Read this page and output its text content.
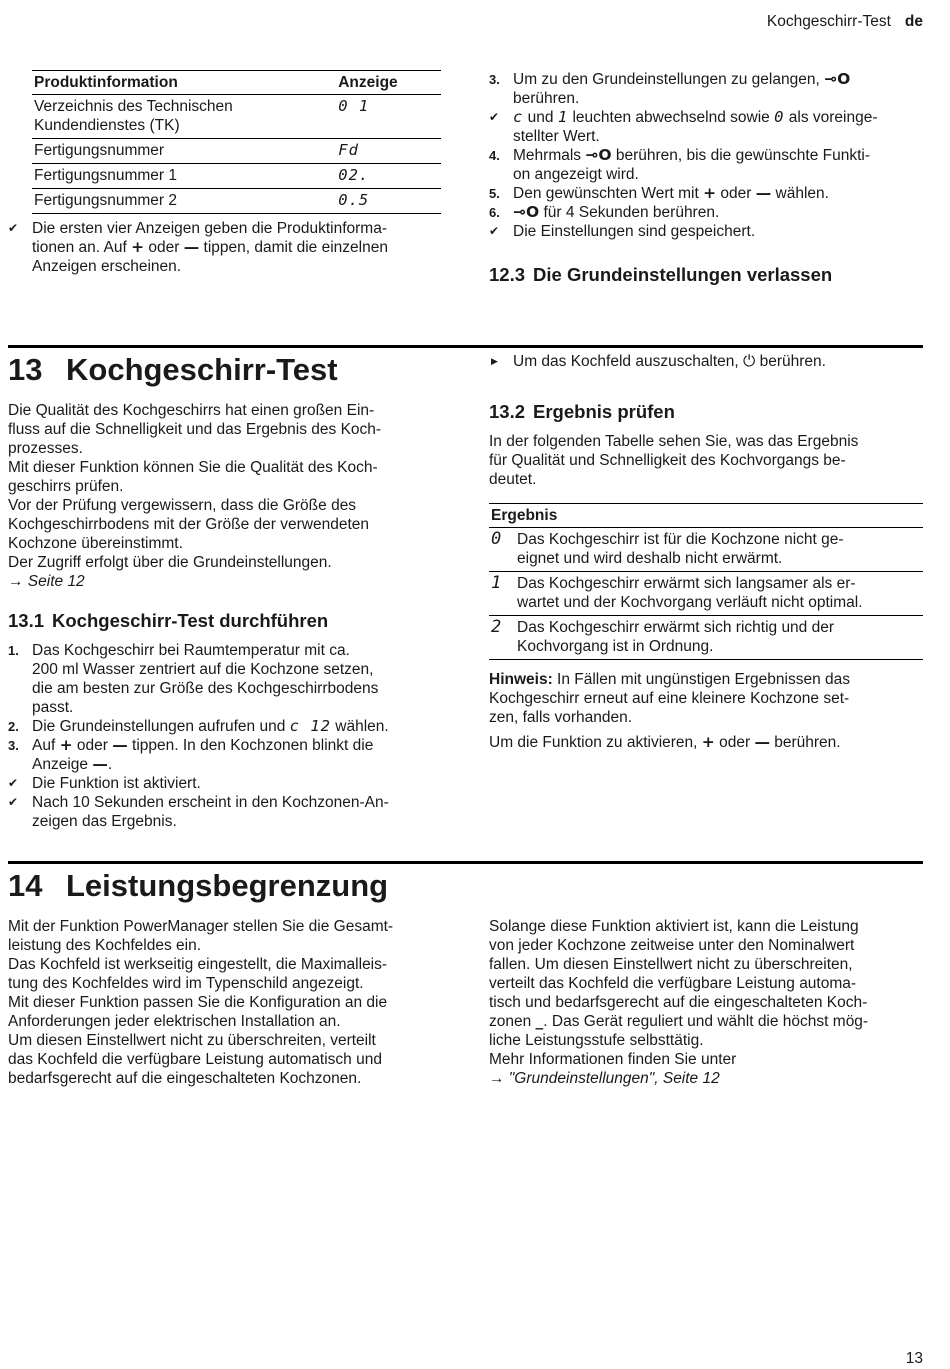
Kochgeschirr-Test de
Produktinformation	Anzeige
Verzeichnis des Technischen Kundendienstes (TK)	0 1
Fertigungsnummer	Fd
Fertigungsnummer 1	02.
Fertigungsnummer 2	0.5
✔ Die ersten vier Anzeigen geben die Produktinforma-
tionen an. Auf + oder — tippen, damit die einzelnen
Anzeigen erscheinen.
3. Um zu den Grundeinstellungen zu gelangen, ⊸O
berühren.
✔ c und 1 leuchten abwechselnd sowie 0 als voreinge-
stellter Wert.
4. Mehrmals ⊸O berühren, bis die gewünschte Funkti-
on angezeigt wird.
5. Den gewünschten Wert mit + oder — wählen.
6. ⊸O für 4 Sekunden berühren.
✔ Die Einstellungen sind gespeichert.
12.3 Die Grundeinstellungen verlassen
▶ Um das Kochfeld auszuschalten, ⏻ berühren.
13 Kochgeschirr-Test
Die Qualität des Kochgeschirrs hat einen großen Ein-
fluss auf die Schnelligkeit und das Ergebnis des Koch-
prozesses.
Mit dieser Funktion können Sie die Qualität des Koch-
geschirrs prüfen.
Vor der Prüfung vergewissern, dass die Größe des
Kochgeschirrbodens mit der Größe der verwendeten
Kochzone übereinstimmt.
Der Zugriff erfolgt über die Grundeinstellungen.
→ Seite 12
13.1 Kochgeschirr-Test durchführen
1. Das Kochgeschirr bei Raumtemperatur mit ca.
200 ml Wasser zentriert auf die Kochzone setzen,
die am besten zur Größe des Kochgeschirrbodens
passt.
2. Die Grundeinstellungen aufrufen und c 12 wählen.
3. Auf + oder — tippen. In den Kochzonen blinkt die
Anzeige —.
✔ Die Funktion ist aktiviert.
✔ Nach 10 Sekunden erscheint in den Kochzonen-An-
zeigen das Ergebnis.
13.2 Ergebnis prüfen
In der folgenden Tabelle sehen Sie, was das Ergebnis
für Qualität und Schnelligkeit des Kochvorgangs be-
deutet.
Ergebnis	
0	Das Kochgeschirr ist für die Kochzone nicht ge-
eignet und wird deshalb nicht erwärmt.
1	Das Kochgeschirr erwärmt sich langsamer als er-
wartet und der Kochvorgang verläuft nicht optimal.
2	Das Kochgeschirr erwärmt sich richtig und der
Kochvorgang ist in Ordnung.
Hinweis: In Fällen mit ungünstigen Ergebnissen das
Kochgeschirr erneut auf eine kleinere Kochzone set-
zen, falls vorhanden.
Um die Funktion zu aktivieren, + oder — berühren.
14 Leistungsbegrenzung
Mit der Funktion PowerManager stellen Sie die Gesamt-
leistung des Kochfeldes ein.
Das Kochfeld ist werkseitig eingestellt, die Maximalleis-
tung des Kochfeldes wird im Typenschild angezeigt.
Mit dieser Funktion passen Sie die Konfiguration an die
Anforderungen jeder elektrischen Installation an.
Um diesen Einstellwert nicht zu überschreiten, verteilt
das Kochfeld die verfügbare Leistung automatisch und
bedarfsgerecht auf die eingeschalteten Kochzonen.
Solange diese Funktion aktiviert ist, kann die Leistung
von jeder Kochzone zeitweise unter den Nominalwert
fallen. Um diesen Einstellwert nicht zu überschreiten,
verteilt das Kochfeld die verfügbare Leistung automa-
tisch und bedarfsgerecht auf die eingeschalteten Koch-
zonen _. Das Gerät reguliert und wählt die höchst mög-
liche Leistungsstufe selbsttätig.
Mehr Informationen finden Sie unter
→ "Grundeinstellungen", Seite 12
13
